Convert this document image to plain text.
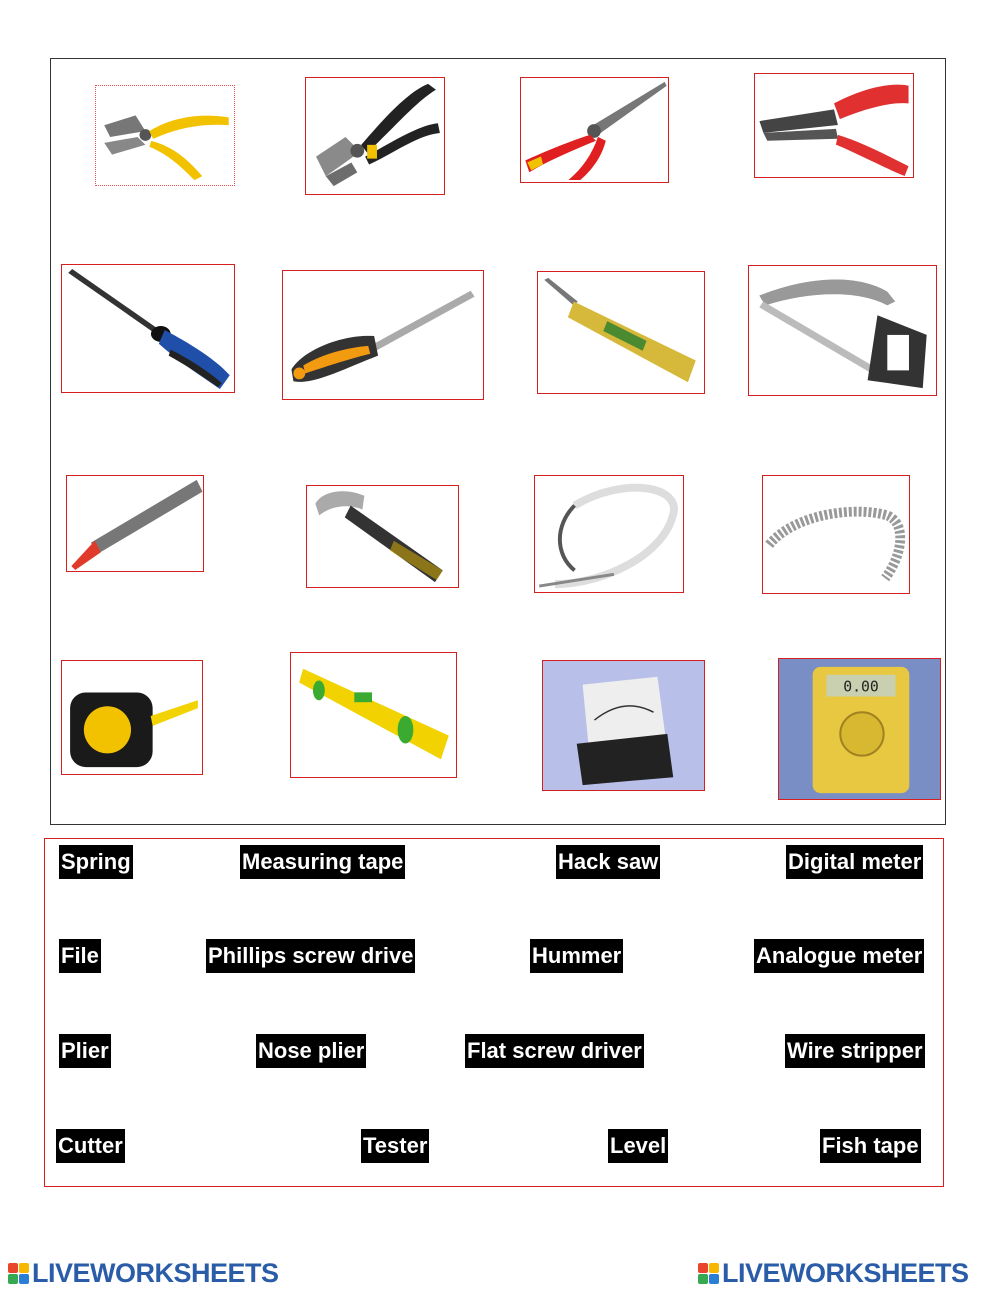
0.00
Spring	Measuring tape	Hack saw	Digital meter
File	Phillips screw drive	Hummer	Analogue meter
Plier	Nose plier	Flat screw driver	Wire stripper
Cutter	Tester	Level	Fish tape
LIVEWORKSHEETS	LIVEWORKSHEETS
